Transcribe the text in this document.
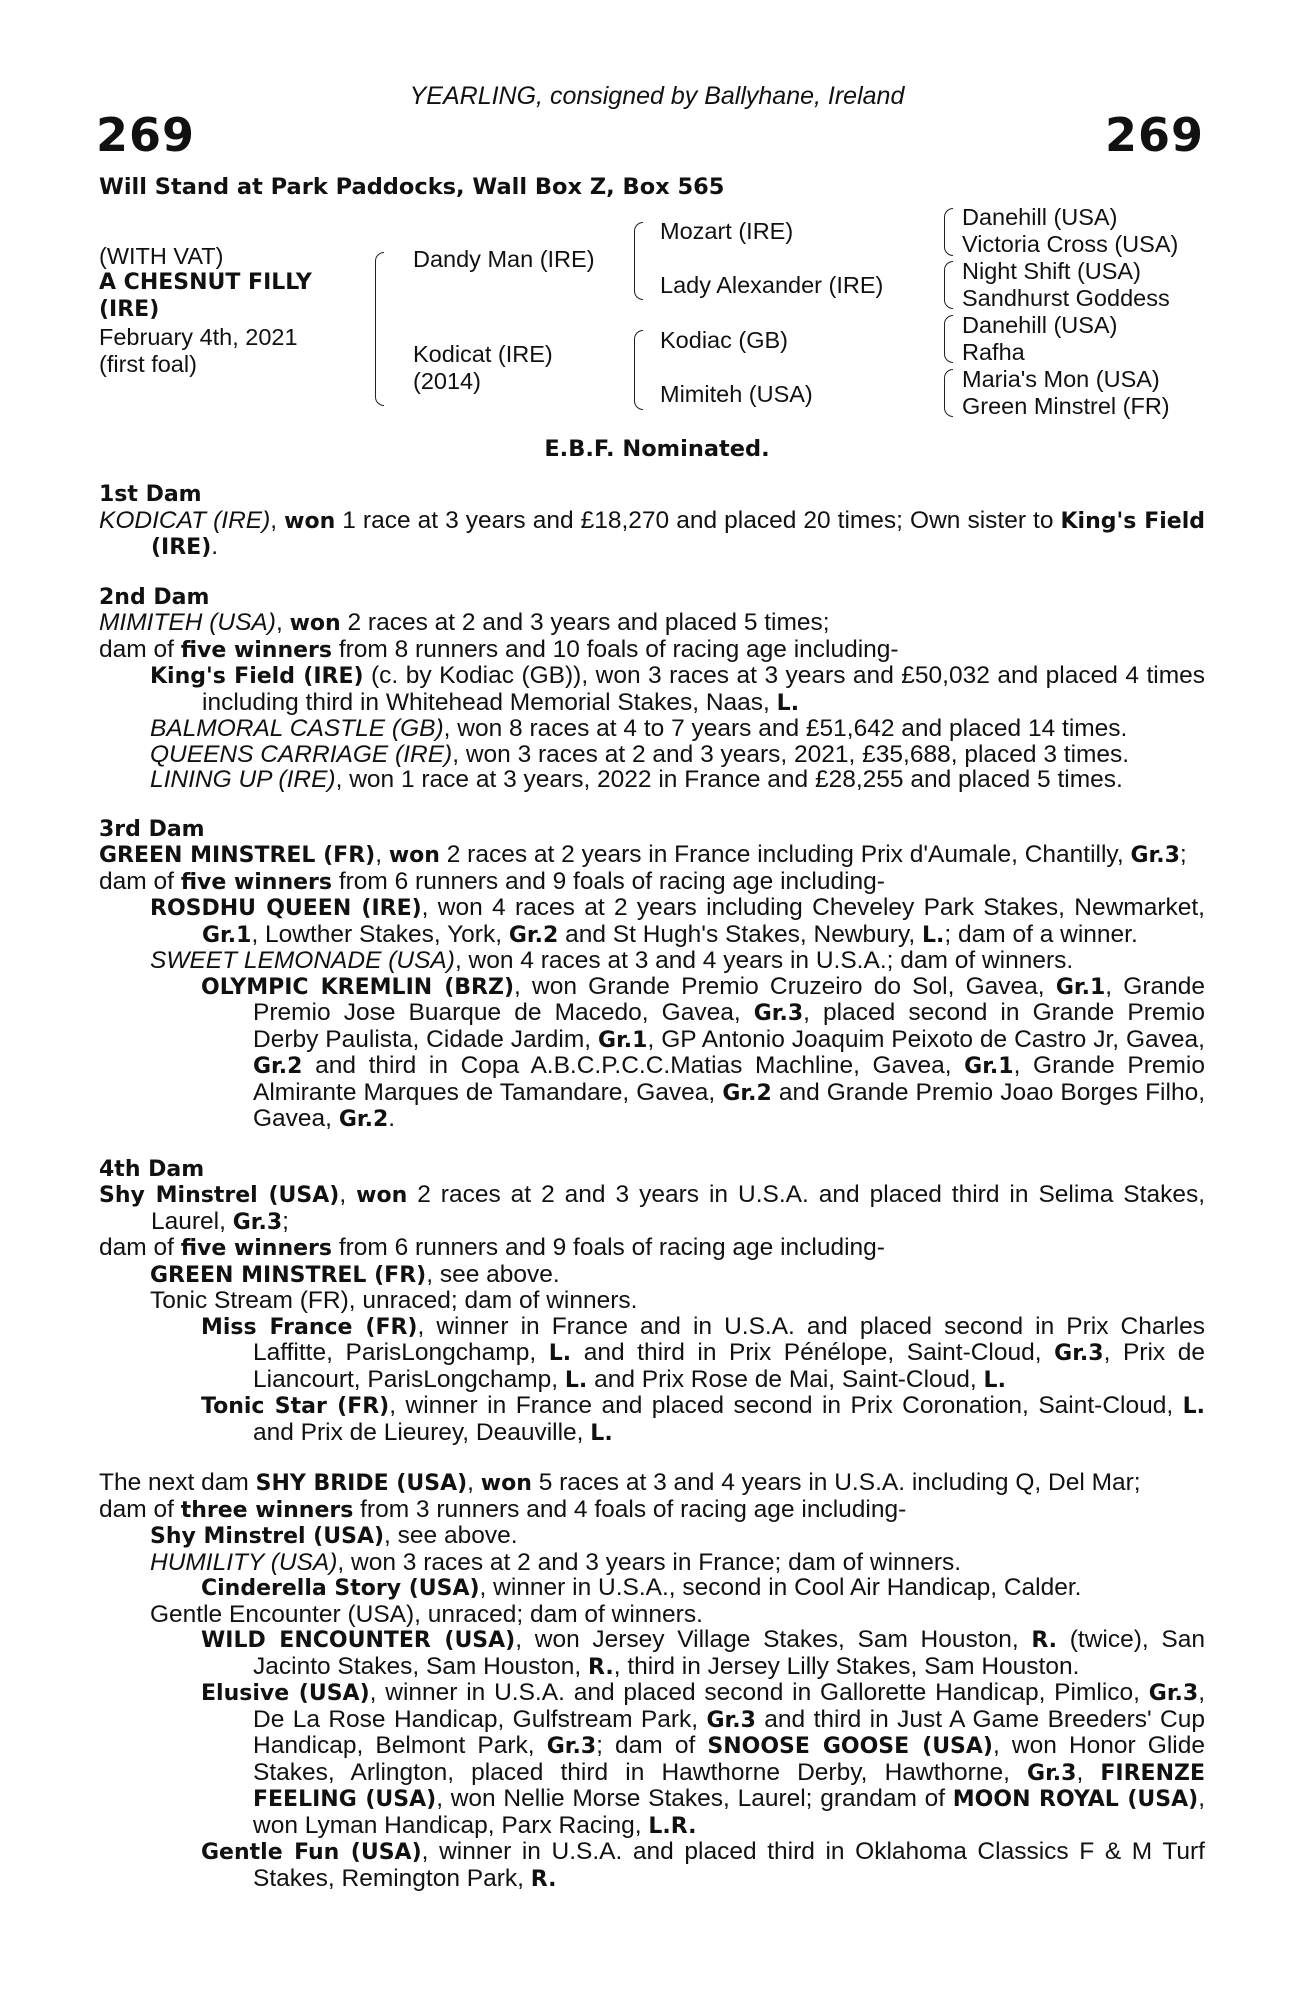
YEARLING, consigned by Ballyhane, Ireland
269	269
Will Stand at Park Paddocks, Wall Box Z, Box 565
(WITH VAT)
A CHESNUT FILLY
(IRE)
February 4th, 2021
(first foal)
Dandy Man (IRE)
Kodicat (IRE)
(2014)
Mozart (IRE)
Lady Alexander (IRE)
Kodiac (GB)
Mimiteh (USA)
Danehill (USA)
Victoria Cross (USA)
Night Shift (USA)
Sandhurst Goddess
Danehill (USA)
Rafha
Maria's Mon (USA)
Green Minstrel (FR)
E.B.F. Nominated.
1st Dam

KODICAT (IRE), won 1 race at 3 years and £18,270 and placed 20 times; Own sister to King's Field (IRE).

2nd Dam

MIMITEH (USA), won 2 races at 2 and 3 years and placed 5 times;

dam of five winners from 8 runners and 10 foals of racing age including-

King's Field (IRE) (c. by Kodiac (GB)), won 3 races at 3 years and £50,032 and placed 4 times including third in Whitehead Memorial Stakes, Naas, L.

BALMORAL CASTLE (GB), won 8 races at 4 to 7 years and £51,642 and placed 14 times.

QUEENS CARRIAGE (IRE), won 3 races at 2 and 3 years, 2021, £35,688, placed 3 times.

LINING UP (IRE), won 1 race at 3 years, 2022 in France and £28,255 and placed 5 times.

3rd Dam

GREEN MINSTREL (FR), won 2 races at 2 years in France including Prix d'Aumale, Chantilly, Gr.3;

dam of five winners from 6 runners and 9 foals of racing age including-

ROSDHU QUEEN (IRE), won 4 races at 2 years including Cheveley Park Stakes, Newmarket, Gr.1, Lowther Stakes, York, Gr.2 and St Hugh's Stakes, Newbury, L.; dam of a winner.

SWEET LEMONADE (USA), won 4 races at 3 and 4 years in U.S.A.; dam of winners.

OLYMPIC KREMLIN (BRZ), won Grande Premio Cruzeiro do Sol, Gavea, Gr.1, Grande Premio Jose Buarque de Macedo, Gavea, Gr.3, placed second in Grande Premio Derby Paulista, Cidade Jardim, Gr.1, GP Antonio Joaquim Peixoto de Castro Jr, Gavea, Gr.2 and third in Copa A.B.C.P.C.C.Matias Machline, Gavea, Gr.1, Grande Premio Almirante Marques de Tamandare, Gavea, Gr.2 and Grande Premio Joao Borges Filho, Gavea, Gr.2.

4th Dam

Shy Minstrel (USA), won 2 races at 2 and 3 years in U.S.A. and placed third in Selima Stakes, Laurel, Gr.3;

dam of five winners from 6 runners and 9 foals of racing age including-

GREEN MINSTREL (FR), see above.

Tonic Stream (FR), unraced; dam of winners.

Miss France (FR), winner in France and in U.S.A. and placed second in Prix Charles Laffitte, ParisLongchamp, L. and third in Prix Pénélope, Saint-Cloud, Gr.3, Prix de Liancourt, ParisLongchamp, L. and Prix Rose de Mai, Saint-Cloud, L.

Tonic Star (FR), winner in France and placed second in Prix Coronation, Saint-Cloud, L. and Prix de Lieurey, Deauville, L.

The next dam SHY BRIDE (USA), won 5 races at 3 and 4 years in U.S.A. including Q, Del Mar;

dam of three winners from 3 runners and 4 foals of racing age including-

Shy Minstrel (USA), see above.

HUMILITY (USA), won 3 races at 2 and 3 years in France; dam of winners.

Cinderella Story (USA), winner in U.S.A., second in Cool Air Handicap, Calder.

Gentle Encounter (USA), unraced; dam of winners.

WILD ENCOUNTER (USA), won Jersey Village Stakes, Sam Houston, R. (twice), San Jacinto Stakes, Sam Houston, R., third in Jersey Lilly Stakes, Sam Houston.

Elusive (USA), winner in U.S.A. and placed second in Gallorette Handicap, Pimlico, Gr.3, De La Rose Handicap, Gulfstream Park, Gr.3 and third in Just A Game Breeders' Cup Handicap, Belmont Park, Gr.3; dam of SNOOSE GOOSE (USA), won Honor Glide Stakes, Arlington, placed third in Hawthorne Derby, Hawthorne, Gr.3, FIRENZE FEELING (USA), won Nellie Morse Stakes, Laurel; grandam of MOON ROYAL (USA), won Lyman Handicap, Parx Racing, L.R.

Gentle Fun (USA), winner in U.S.A. and placed third in Oklahoma Classics F & M Turf Stakes, Remington Park, R.
